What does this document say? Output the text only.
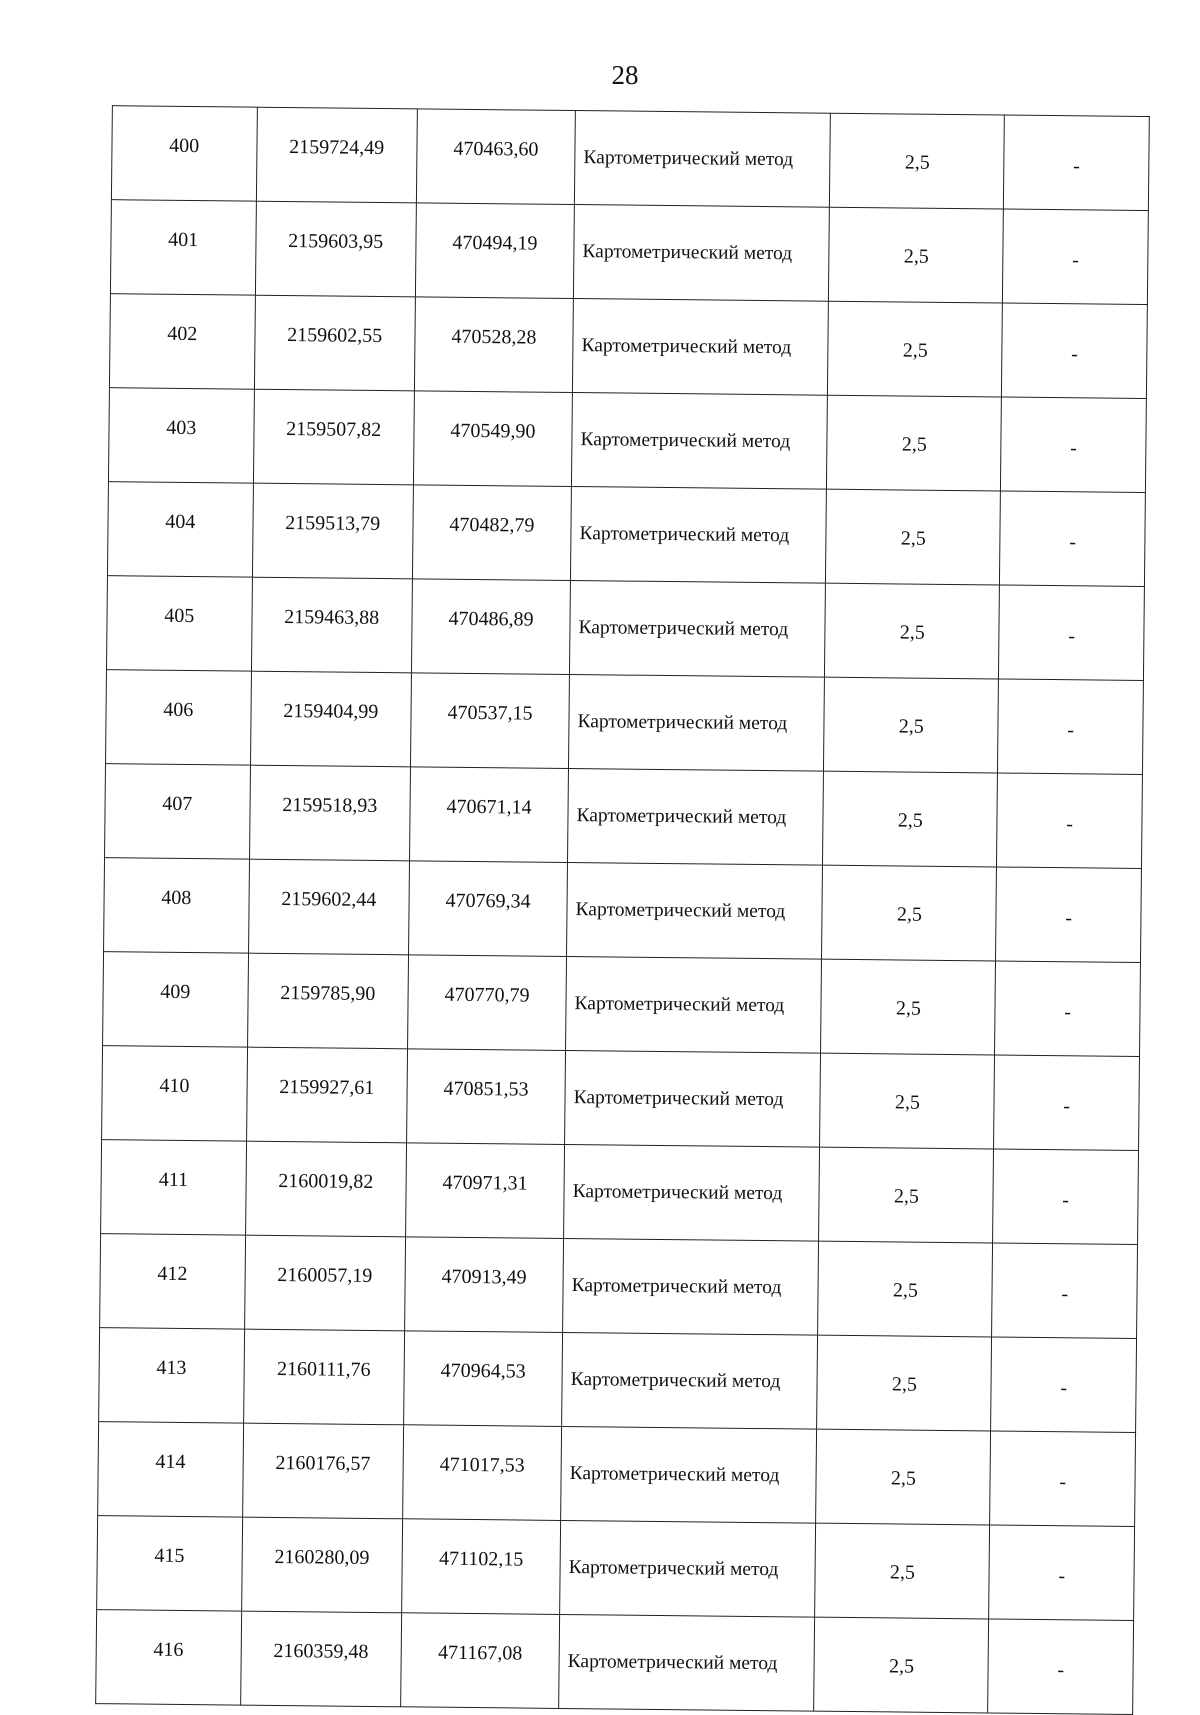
28
400	2159724,49	470463,60	Картометрический метод	2,5	-
401	2159603,95	470494,19	Картометрический метод	2,5	-
402	2159602,55	470528,28	Картометрический метод	2,5	-
403	2159507,82	470549,90	Картометрический метод	2,5	-
404	2159513,79	470482,79	Картометрический метод	2,5	-
405	2159463,88	470486,89	Картометрический метод	2,5	-
406	2159404,99	470537,15	Картометрический метод	2,5	-
407	2159518,93	470671,14	Картометрический метод	2,5	-
408	2159602,44	470769,34	Картометрический метод	2,5	-
409	2159785,90	470770,79	Картометрический метод	2,5	-
410	2159927,61	470851,53	Картометрический метод	2,5	-
411	2160019,82	470971,31	Картометрический метод	2,5	-
412	2160057,19	470913,49	Картометрический метод	2,5	-
413	2160111,76	470964,53	Картометрический метод	2,5	-
414	2160176,57	471017,53	Картометрический метод	2,5	-
415	2160280,09	471102,15	Картометрический метод	2,5	-
416	2160359,48	471167,08	Картометрический метод	2,5	-
